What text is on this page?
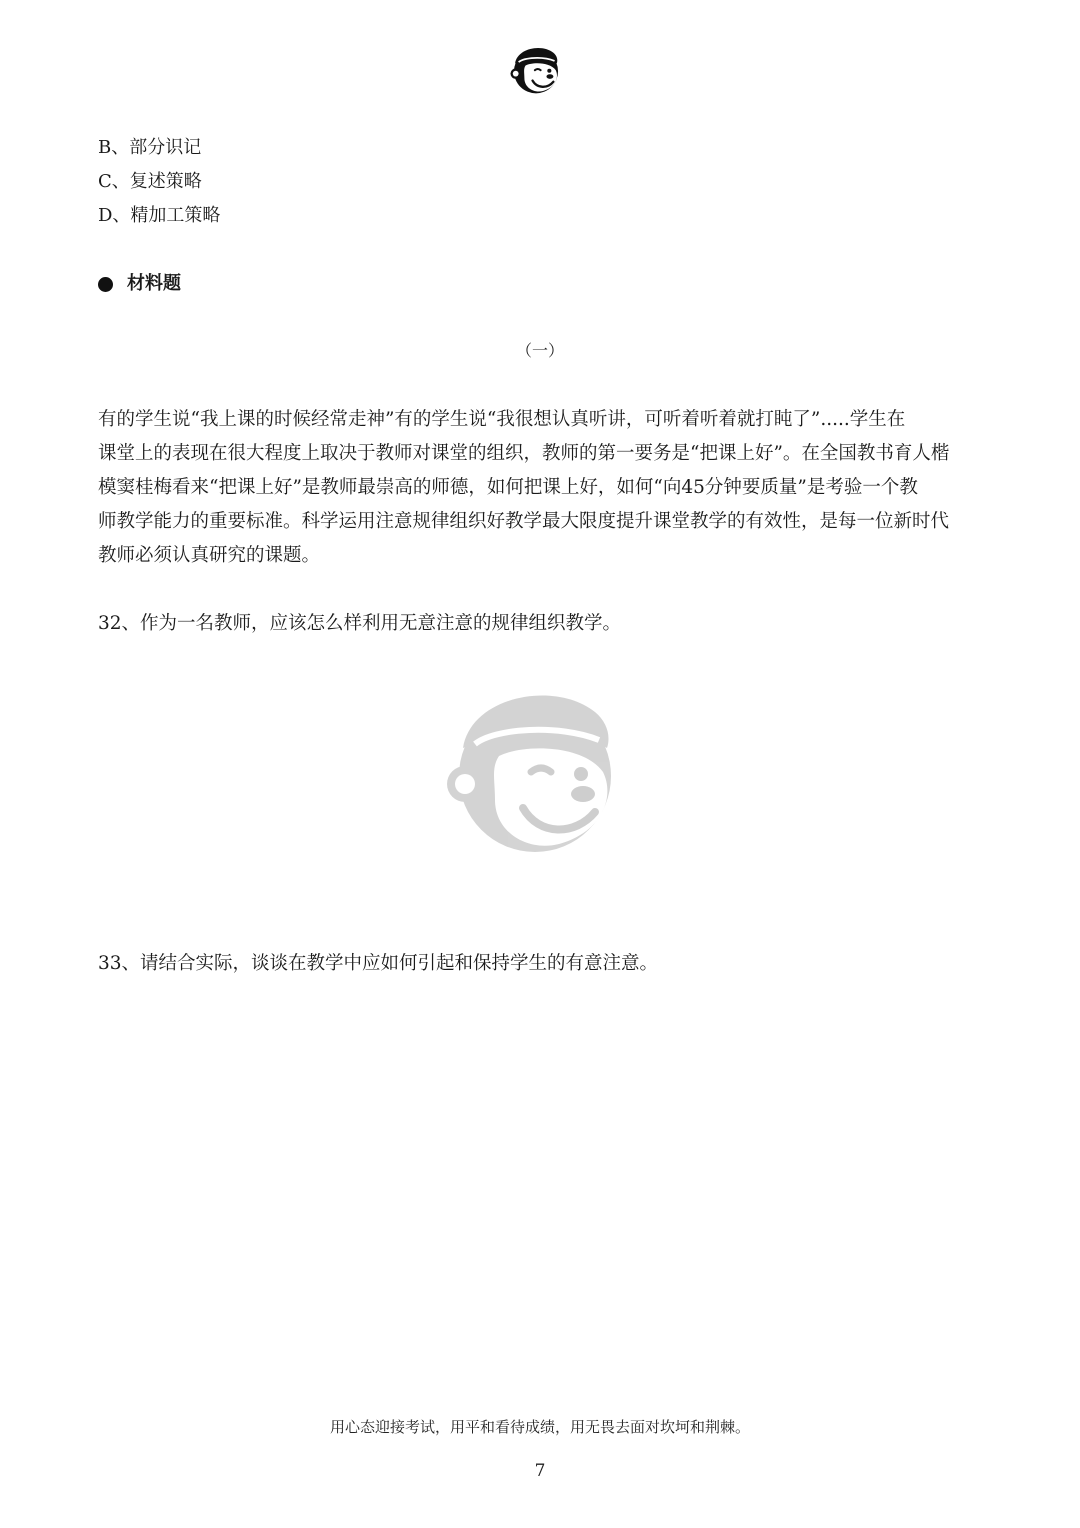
B、部分识记
C、复述策略
D、精加工策略
材料题
（一）
有的学生说“我上课的时候经常走神”有的学生说“我很想认真听讲，可听着听着就打盹了”.....学生在
课堂上的表现在很大程度上取决于教师对课堂的组织，教师的第一要务是“把课上好”。在全国教书育人楷
模窦桂梅看来“把课上好”是教师最崇高的师德，如何把课上好，如何“向45分钟要质量”是考验一个教
师教学能力的重要标准。科学运用注意规律组织好教学最大限度提升课堂教学的有效性，是每一位新时代
教师必须认真研究的课题。
32、作为一名教师，应该怎么样利用无意注意的规律组织教学。
33、请结合实际，谈谈在教学中应如何引起和保持学生的有意注意。
用心态迎接考试，用平和看待成绩，用无畏去面对坎坷和荆棘。
7
